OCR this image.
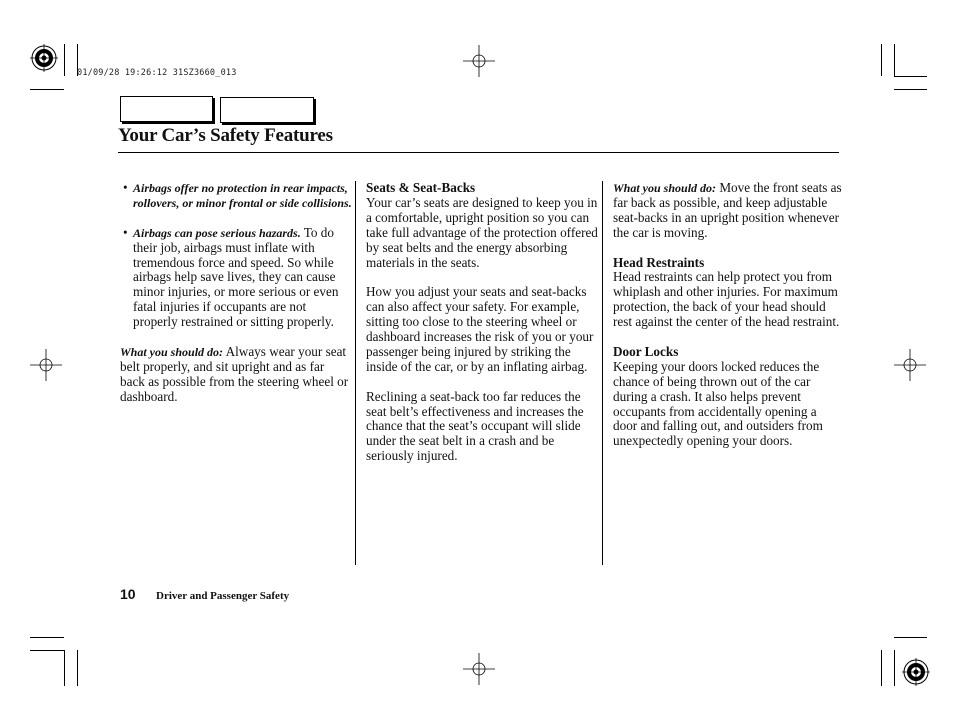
01/09/28 19:26:12 31SZ3660_013
Your Car’s Safety Features
• Airbags offer no protection in rear impacts, rollovers, or minor frontal or side collisions.
• Airbags can pose serious hazards. To do their job, airbags must inflate with tremendous force and speed. So while airbags help save lives, they can cause minor injuries, or more serious or even fatal injuries if occupants are not properly restrained or sitting properly.

What you should do: Always wear your seat belt properly, and sit upright and as far back as possible from the steering wheel or dashboard.

Seats & Seat-Backs
Your car’s seats are designed to keep you in a comfortable, upright position so you can take full advantage of the protection offered by seat belts and the energy absorbing materials in the seats.

How you adjust your seats and seat-backs can also affect your safety. For example, sitting too close to the steering wheel or dashboard increases the risk of you or your passenger being injured by striking the inside of the car, or by an inflating airbag.

Reclining a seat-back too far reduces the seat belt’s effectiveness and increases the chance that the seat’s occupant will slide under the seat belt in a crash and be seriously injured.

What you should do: Move the front seats as far back as possible, and keep adjustable seat-backs in an upright position whenever the car is moving.

Head Restraints
Head restraints can help protect you from whiplash and other injuries. For maximum protection, the back of your head should rest against the center of the head restraint.

Door Locks
Keeping your doors locked reduces the chance of being thrown out of the car during a crash. It also helps prevent occupants from accidentally opening a door and falling out, and outsiders from unexpectedly opening your doors.

10 Driver and Passenger Safety
